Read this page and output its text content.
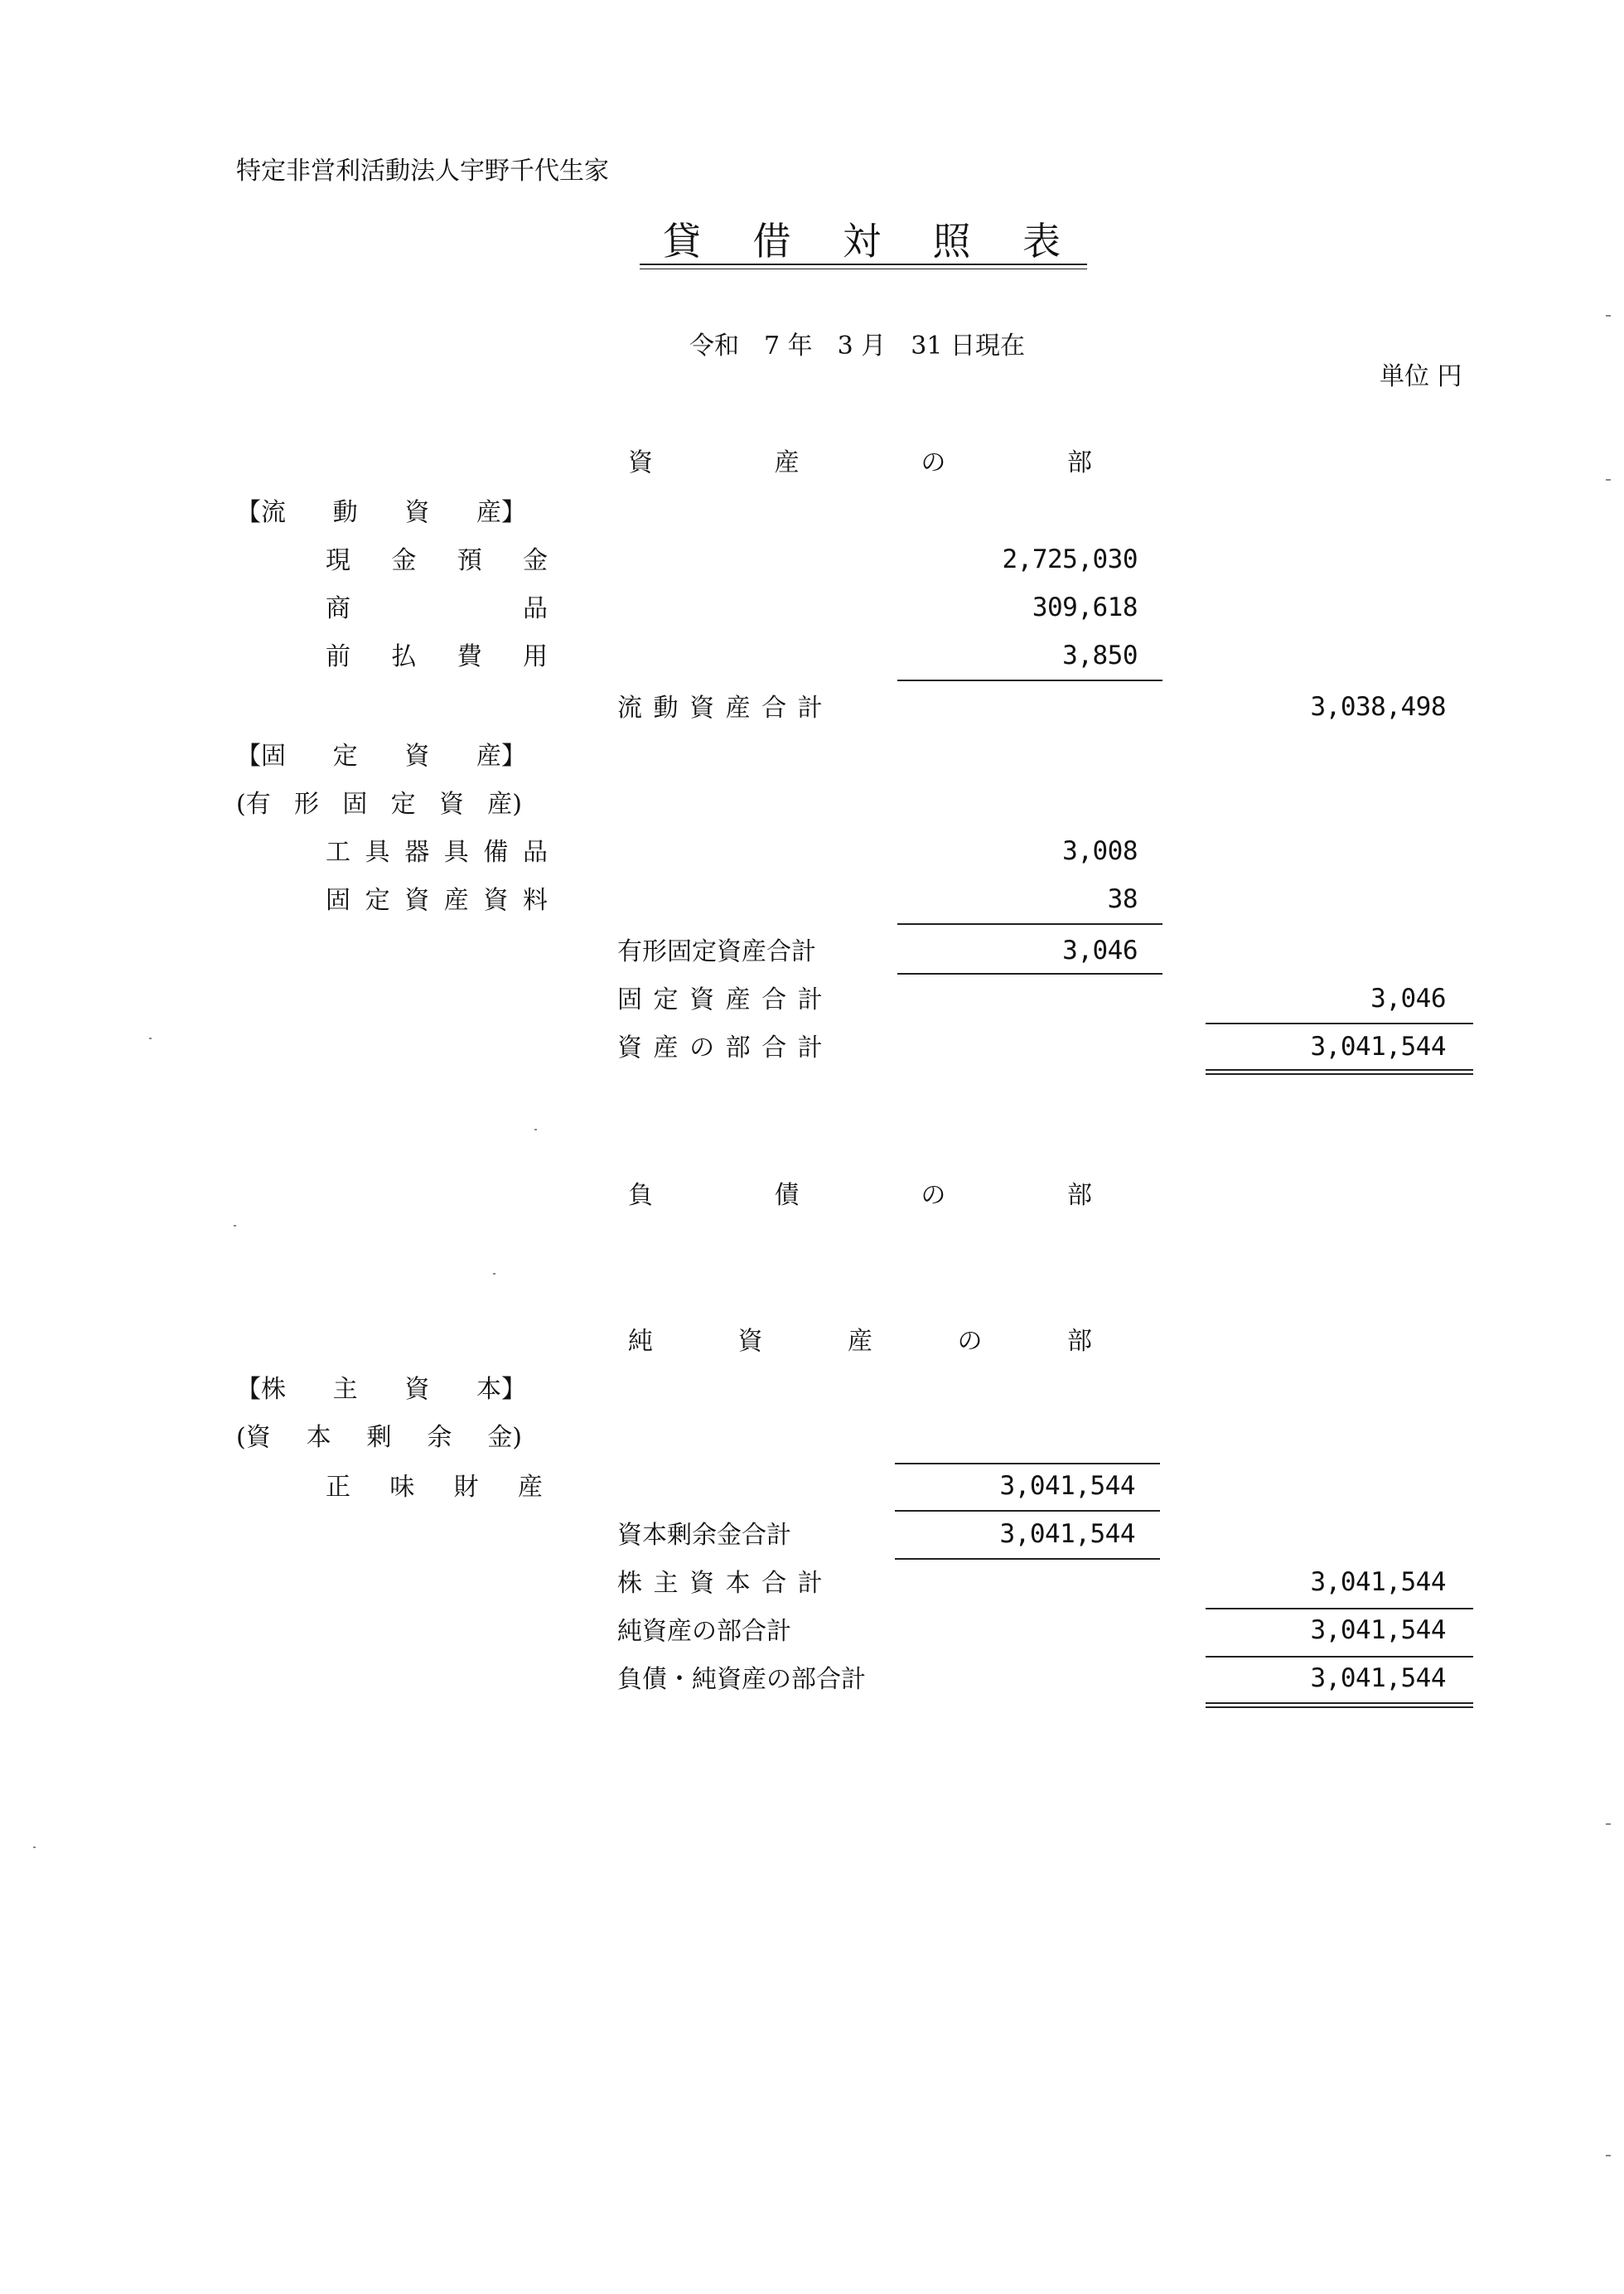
特定非営利活動法人宇野千代生家
貸 借 対 照 表
令和　7 年　3 月　31 日現在
単位 円
資	産	の	部
【流 動 資 産】
現 金 預 金	2,725,030
商	品	309,618
前 払 費 用	3,850
流 動 資 産 合 計	3,038,498
【固 定 資 産】
(有 形 固 定 資 産)
工 具 器 具 備 品	3,008
固 定 資 産 資 料	38
有形固定資産合計	3,046
固 定 資 産 合 計	3,046
資 産 の 部 合 計	3,041,544
負	債	の	部
純	資	産	の	部
【株 主 資 本】
(資 本 剰 余 金)
正 味 財 産	3,041,544
資本剰余金合計	3,041,544
株 主 資 本 合 計	3,041,544
純資産の部合計	3,041,544
負債・純資産の部合計	3,041,544
